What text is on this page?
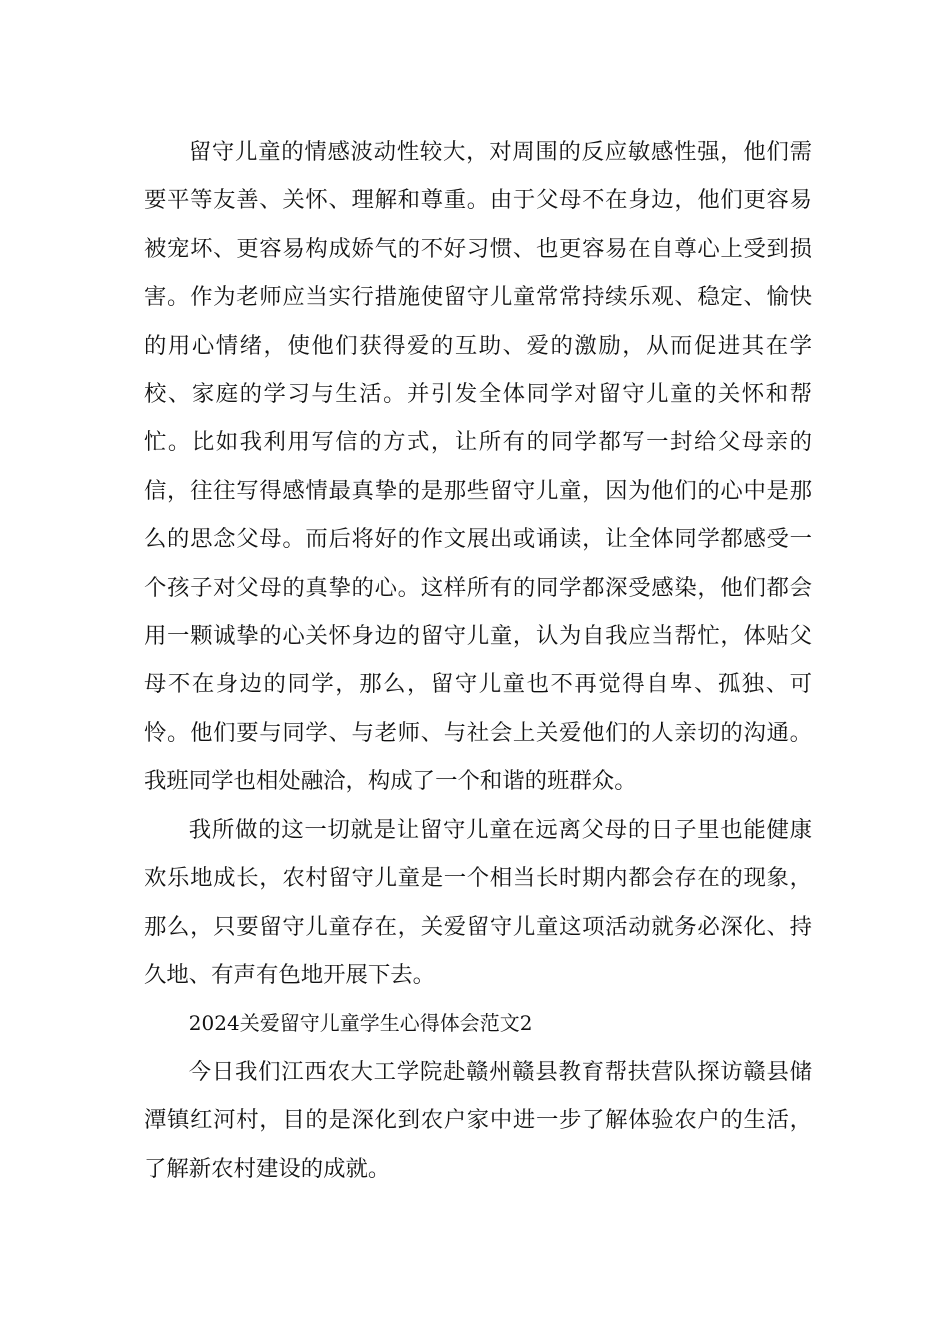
留守儿童的情感波动性较大，对周围的反应敏感性强，他们需要平等友善、关怀、理解和尊重。由于父母不在身边，他们更容易被宠坏、更容易构成娇气的不好习惯、也更容易在自尊心上受到损害。作为老师应当实行措施使留守儿童常常持续乐观、稳定、愉快的用心情绪，使他们获得爱的互助、爱的激励，从而促进其在学校、家庭的学习与生活。并引发全体同学对留守儿童的关怀和帮忙。比如我利用写信的方式，让所有的同学都写一封给父母亲的信，往往写得感情最真挚的是那些留守儿童，因为他们的心中是那么的思念父母。而后将好的作文展出或诵读，让全体同学都感受一个孩子对父母的真挚的心。这样所有的同学都深受感染，他们都会用一颗诚挚的心关怀身边的留守儿童，认为自我应当帮忙，体贴父母不在身边的同学，那么，留守儿童也不再觉得自卑、孤独、可怜。他们要与同学、与老师、与社会上关爱他们的人亲切的沟通。我班同学也相处融洽，构成了一个和谐的班群众。

我所做的这一切就是让留守儿童在远离父母的日子里也能健康欢乐地成长，农村留守儿童是一个相当长时期内都会存在的现象，那么，只要留守儿童存在，关爱留守儿童这项活动就务必深化、持久地、有声有色地开展下去。

2024关爱留守儿童学生心得体会范文2

今日我们江西农大工学院赴赣州赣县教育帮扶营队探访赣县储潭镇红河村，目的是深化到农户家中进一步了解体验农户的生活，了解新农村建设的成就。
